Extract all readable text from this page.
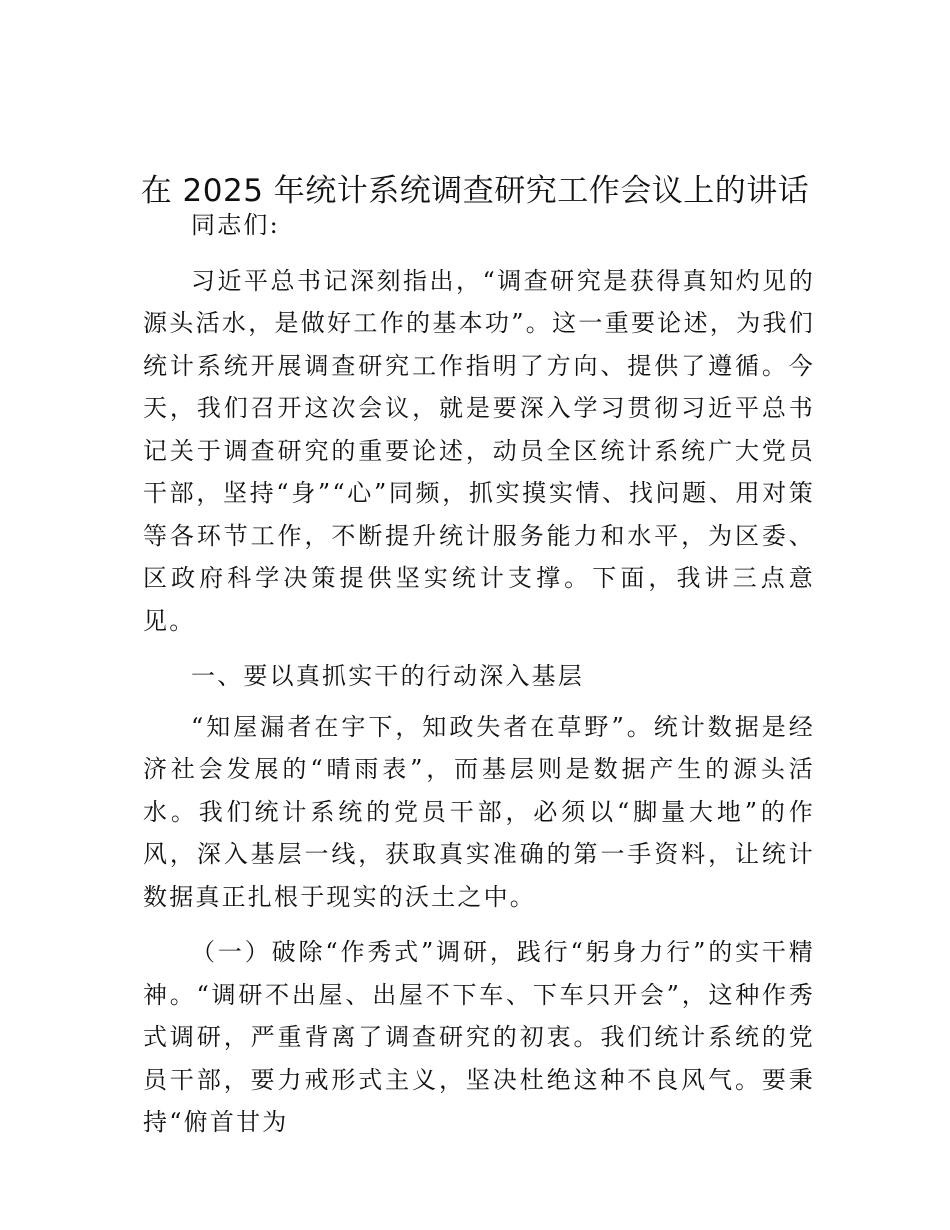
在 2025 年统计系统调查研究工作会议上的讲话

同志们:

习近平总书记深刻指出，“调查研究是获得真知灼见的源头活水，是做好工作的基本功”。这一重要论述，为我们统计系统开展调查研究工作指明了方向、提供了遵循。今天，我们召开这次会议，就是要深入学习贯彻习近平总书记关于调查研究的重要论述，动员全区统计系统广大党员干部，坚持“身”“心”同频，抓实摸实情、找问题、用对策等各环节工作，不断提升统计服务能力和水平，为区委、区政府科学决策提供坚实统计支撑。下面，我讲三点意见。

一、要以真抓实干的行动深入基层

“知屋漏者在宇下，知政失者在草野”。统计数据是经济社会发展的“晴雨表”，而基层则是数据产生的源头活水。我们统计系统的党员干部，必须以“脚量大地”的作风，深入基层一线，获取真实准确的第一手资料，让统计数据真正扎根于现实的沃土之中。

（一）破除“作秀式”调研，践行“躬身力行”的实干精神。“调研不出屋、出屋不下车、下车只开会”，这种作秀式调研，严重背离了调查研究的初衷。我们统计系统的党员干部，要力戒形式主义，坚决杜绝这种不良风气。要秉持“俯首甘为
